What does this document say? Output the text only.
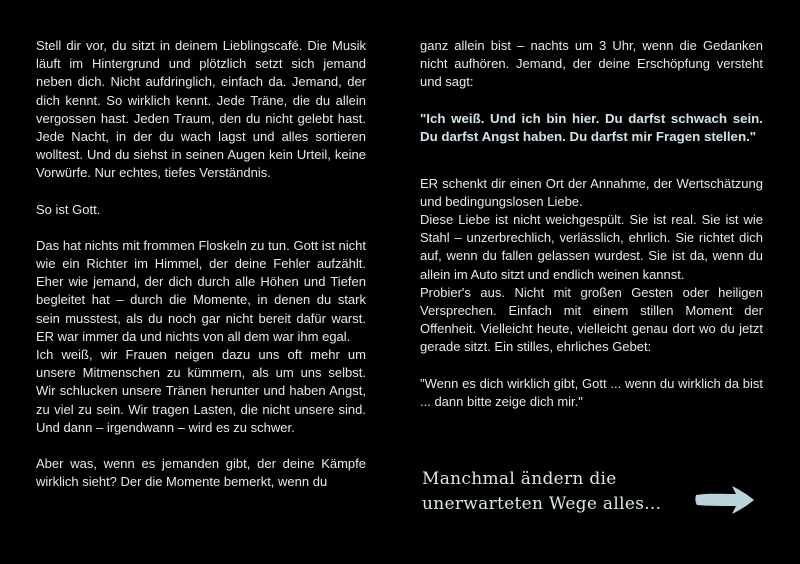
Stell dir vor, du sitzt in deinem Lieblingscafé. Die Musik läuft im Hintergrund und plötzlich setzt sich jemand neben dich. Nicht aufdringlich, einfach da. Jemand, der dich kennt. So wirklich kennt. Jede Träne, die du allein vergossen hast. Jeden Traum, den du nicht gelebt hast. Jede Nacht, in der du wach lagst und alles sortieren wolltest. Und du siehst in seinen Augen kein Urteil, keine Vorwürfe. Nur echtes, tiefes Verständnis.

So ist Gott.

Das hat nichts mit frommen Floskeln zu tun. Gott ist nicht wie ein Richter im Himmel, der deine Fehler aufzählt. Eher wie jemand, der dich durch alle Höhen und Tiefen begleitet hat – durch die Momente, in denen du stark sein musstest, als du noch gar nicht bereit dafür warst. ER war immer da und nichts von all dem war ihm egal.

Ich weiß, wir Frauen neigen dazu uns oft mehr um unsere Mitmenschen zu kümmern, als um uns selbst. Wir schlucken unsere Tränen herunter und haben Angst, zu viel zu sein. Wir tragen Lasten, die nicht unsere sind. Und dann – irgendwann – wird es zu schwer.

Aber was, wenn es jemanden gibt, der deine Kämpfe wirklich sieht? Der die Momente bemerkt, wenn du

ganz allein bist – nachts um 3 Uhr, wenn die Gedanken nicht aufhören. Jemand, der deine Erschöpfung versteht und sagt:

"Ich weiß. Und ich bin hier. Du darfst schwach sein. Du darfst Angst haben. Du darfst mir Fragen stellen."

ER schenkt dir einen Ort der Annahme, der Wertschätzung und bedingungslosen Liebe.

Diese Liebe ist nicht weichgespült. Sie ist real. Sie ist wie Stahl – unzerbrechlich, verlässlich, ehrlich. Sie richtet dich auf, wenn du fallen gelassen wurdest. Sie ist da, wenn du allein im Auto sitzt und endlich weinen kannst.

Probier's aus. Nicht mit großen Gesten oder heiligen Versprechen. Einfach mit einem stillen Moment der Offenheit. Vielleicht heute, vielleicht genau dort wo du jetzt gerade sitzt. Ein stilles, ehrliches Gebet:

"Wenn es dich wirklich gibt, Gott ... wenn du wirklich da bist ... dann bitte zeige dich mir."

Manchmal ändern die
unerwarteten Wege alles...
